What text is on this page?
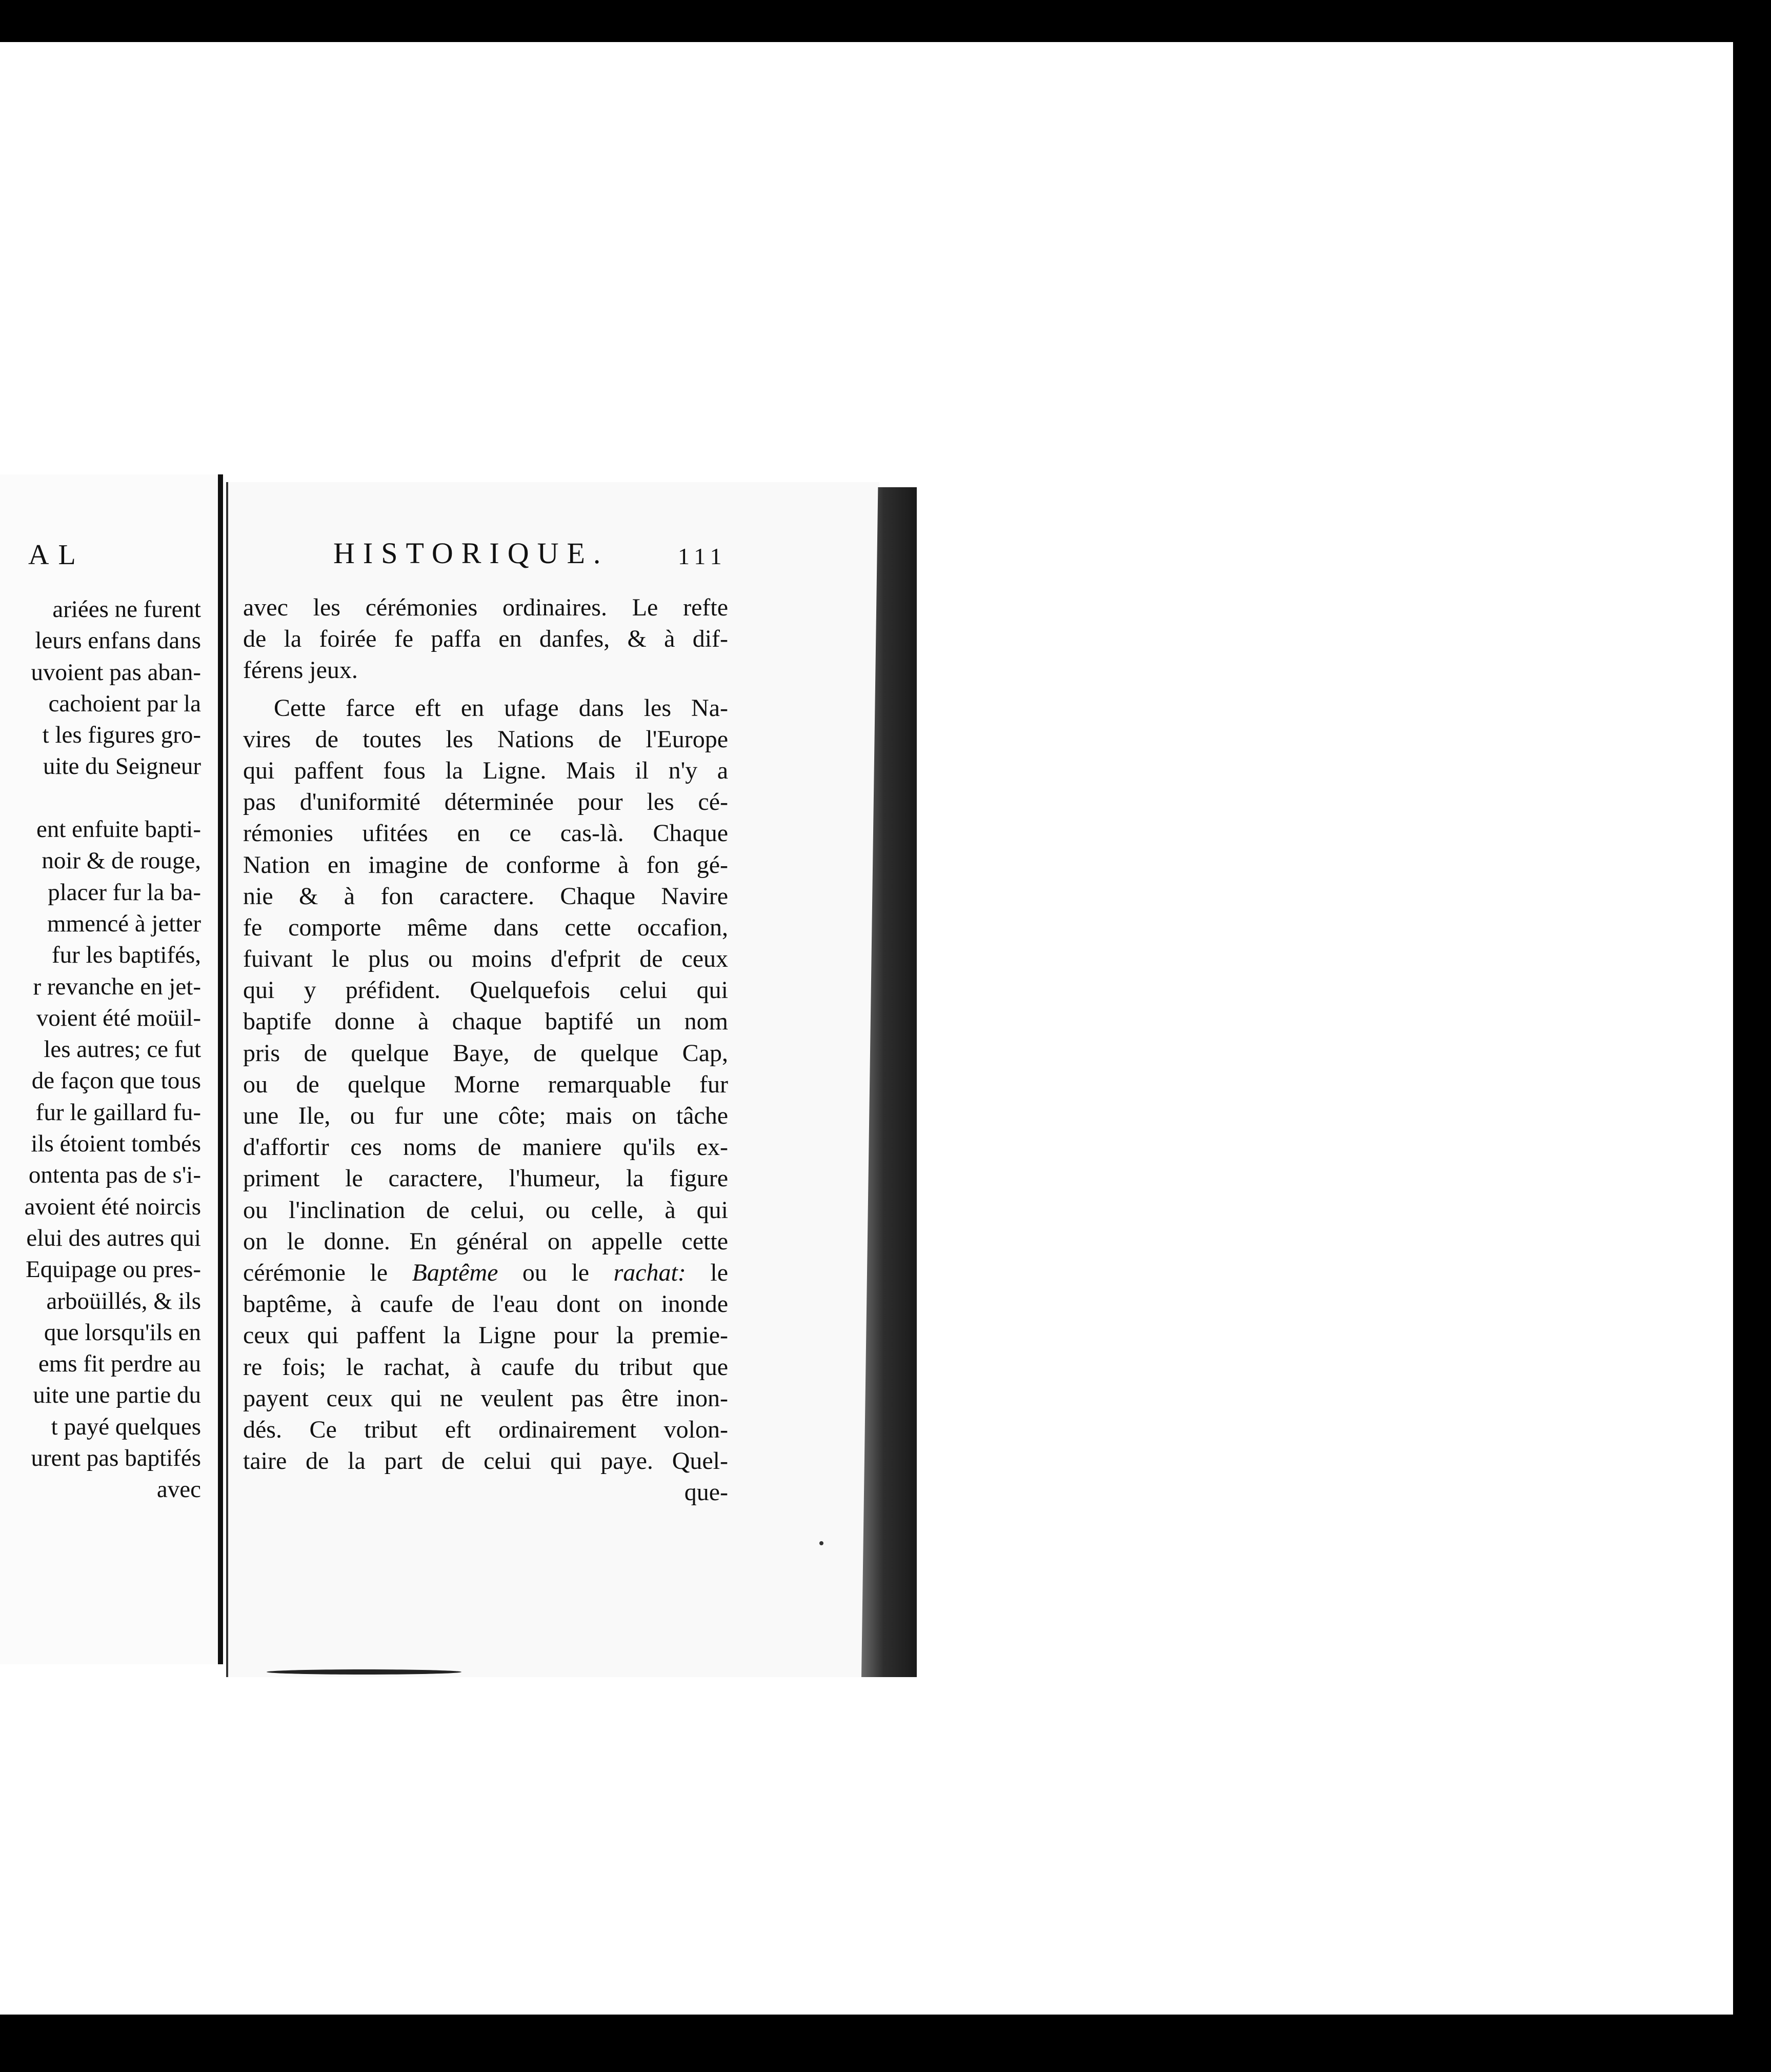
AL
ariées ne furent
leurs enfans dans
uvoient pas aban-
cachoient par la
t les figures gro-
uite du Seigneur
ent enfuite bapti-
noir & de rouge,
placer fur la ba-
mmencé à jetter
fur les baptifés,
r revanche en jet-
voient été moüil-
les autres; ce fut
de façon que tous
fur le gaillard fu-
ils étoient tombés
ontenta pas de s'i-
avoient été noircis
elui des autres qui
Equipage ou pres-
arboüillés, & ils
que lorsqu'ils en
ems fit perdre au
uite une partie du
t payé quelques
urent pas baptifés
avec
HISTORIQUE.	111
avec les cérémonies ordinaires. Le refte
de la foirée fe paffa en danfes, & à dif-
férens jeux.
Cette farce eft en ufage dans les Na-
vires de toutes les Nations de l'Europe
qui paffent fous la Ligne. Mais il n'y a
pas d'uniformité déterminée pour les cé-
rémonies ufitées en ce cas-là. Chaque
Nation en imagine de conforme à fon gé-
nie & à fon caractere. Chaque Navire
fe comporte même dans cette occafion,
fuivant le plus ou moins d'efprit de ceux
qui y préfident. Quelquefois celui qui
baptife donne à chaque baptifé un nom
pris de quelque Baye, de quelque Cap,
ou de quelque Morne remarquable fur
une Ile, ou fur une côte; mais on tâche
d'affortir ces noms de maniere qu'ils ex-
priment le caractere, l'humeur, la figure
ou l'inclination de celui, ou celle, à qui
on le donne. En général on appelle cette
cérémonie le Baptême ou le rachat: le
baptême, à caufe de l'eau dont on inonde
ceux qui paffent la Ligne pour la premie-
re fois; le rachat, à caufe du tribut que
payent ceux qui ne veulent pas être inon-
dés. Ce tribut eft ordinairement volon-
taire de la part de celui qui paye. Quel-
que-
